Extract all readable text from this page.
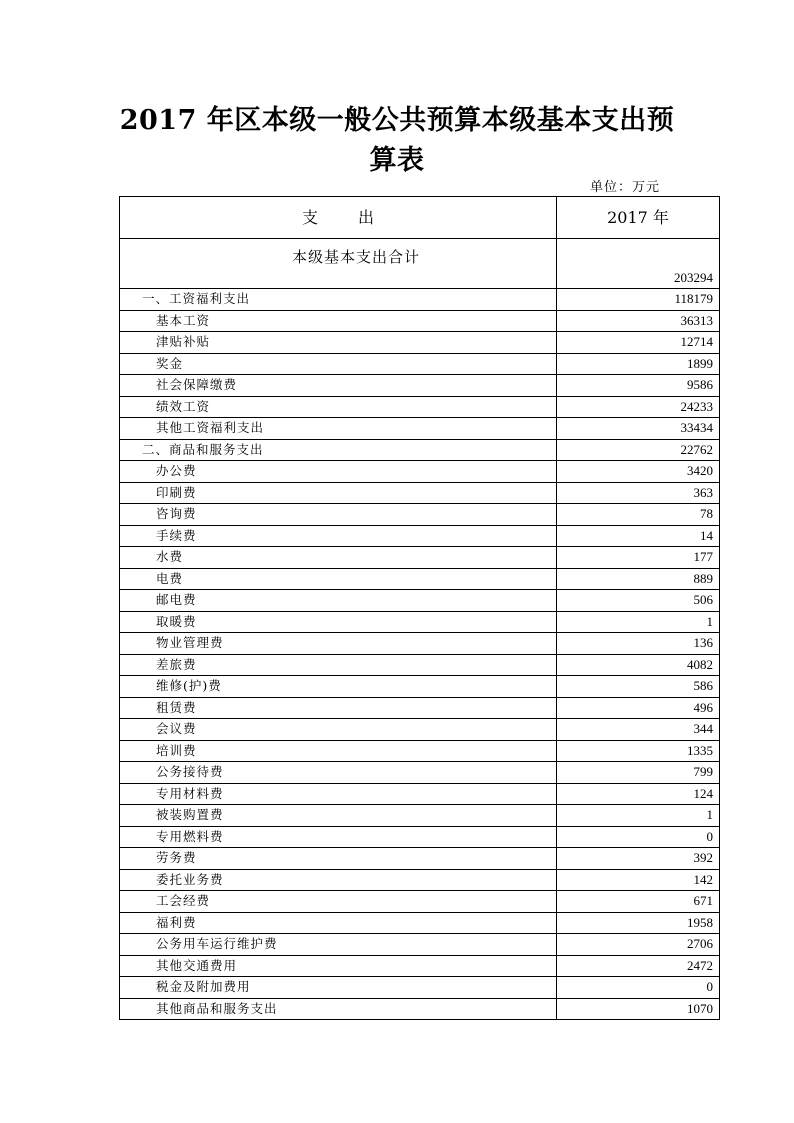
2017 年区本级一般公共预算本级基本支出预
算表
单位：万元
支出	2017 年
本级基本支出合计	203294
一、工资福利支出	118179
基本工资	36313
津贴补贴	12714
奖金	1899
社会保障缴费	9586
绩效工资	24233
其他工资福利支出	33434
二、商品和服务支出	22762
办公费	3420
印刷费	363
咨询费	78
手续费	14
水费	177
电费	889
邮电费	506
取暖费	1
物业管理费	136
差旅费	4082
维修(护)费	586
租赁费	496
会议费	344
培训费	1335
公务接待费	799
专用材料费	124
被装购置费	1
专用燃料费	0
劳务费	392
委托业务费	142
工会经费	671
福利费	1958
公务用车运行维护费	2706
其他交通费用	2472
税金及附加费用	0
其他商品和服务支出	1070
